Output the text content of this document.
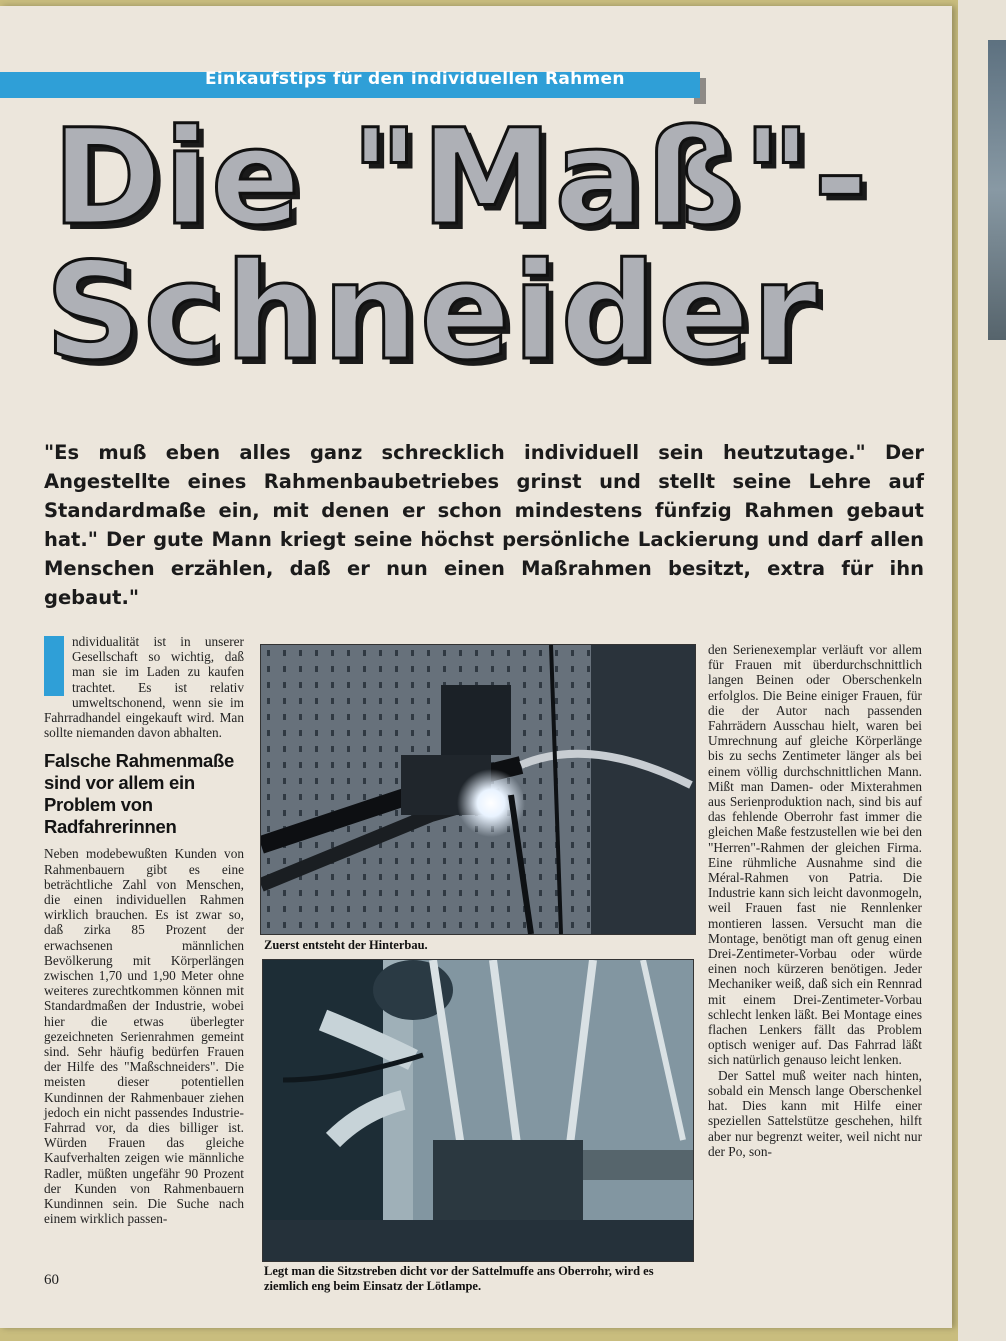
Einkaufstips für den individuellen Rahmen
Die "Maß"-
Schneider
"Es muß eben alles ganz schrecklich individuell sein heutzutage." Der Angestellte eines Rahmenbaubetriebes grinst und stellt seine Lehre auf Standardmaße ein, mit denen er schon mindestens fünfzig Rahmen gebaut hat." Der gute Mann kriegt seine höchst persönliche Lackierung und darf allen Menschen erzählen, daß er nun einen Maßrahmen besitzt, extra für ihn gebaut."

ndividualität ist in unserer Gesellschaft so wichtig, daß man sie im Laden zu kaufen trachtet. Es ist relativ umweltschonend, wenn sie im Fahrradhandel eingekauft wird. Man sollte niemanden davon abhalten.

Falsche Rahmenmaße sind vor allem ein Problem von Radfahrerinnen

Neben modebewußten Kunden von Rahmenbauern gibt es eine beträchtliche Zahl von Menschen, die einen individuellen Rahmen wirklich brauchen. Es ist zwar so, daß zirka 85 Prozent der erwachsenen männlichen Bevölkerung mit Körperlängen zwischen 1,70 und 1,90 Meter ohne weiteres zurechtkommen können mit Standardmaßen der Industrie, wobei hier die etwas überlegter gezeichneten Serienrahmen gemeint sind. Sehr häufig bedürfen Frauen der Hilfe des "Maßschneiders". Die meisten dieser potentiellen Kundinnen der Rahmenbauer ziehen jedoch ein nicht passendes Industrie-Fahrrad vor, da dies billiger ist. Würden Frauen das gleiche Kaufverhalten zeigen wie männliche Radler, müßten ungefähr 90 Prozent der Kunden von Rahmenbauern Kundinnen sein. Die Suche nach einem wirklich passen-

Zuerst entsteht der Hinterbau.
Legt man die Sitzstreben dicht vor der Sattelmuffe ans Oberrohr, wird es ziemlich eng beim Einsatz der Lötlampe.

den Serienexemplar verläuft vor allem für Frauen mit überdurchschnittlich langen Beinen oder Oberschenkeln erfolglos. Die Beine einiger Frauen, für die der Autor nach passenden Fahrrädern Ausschau hielt, waren bei Umrechnung auf gleiche Körperlänge bis zu sechs Zentimeter länger als bei einem völlig durchschnittlichen Mann. Mißt man Damen- oder Mixterahmen aus Serienproduktion nach, sind bis auf das fehlende Oberrohr fast immer die gleichen Maße festzustellen wie bei den "Herren"-Rahmen der gleichen Firma. Eine rühmliche Ausnahme sind die Méral-Rahmen von Patria. Die Industrie kann sich leicht davonmogeln, weil Frauen fast nie Rennlenker montieren lassen. Versucht man die Montage, benötigt man oft genug einen Drei-Zentimeter-Vorbau oder würde einen noch kürzeren benötigen. Jeder Mechaniker weiß, daß sich ein Rennrad mit einem Drei-Zentimeter-Vorbau schlecht lenken läßt. Bei Montage eines flachen Lenkers fällt das Problem optisch weniger auf. Das Fahrrad läßt sich natürlich genauso leicht lenken.

Der Sattel muß weiter nach hinten, sobald ein Mensch lange Oberschenkel hat. Dies kann mit Hilfe einer speziellen Sattelstütze geschehen, hilft aber nur begrenzt weiter, weil nicht nur der Po, son-

60
